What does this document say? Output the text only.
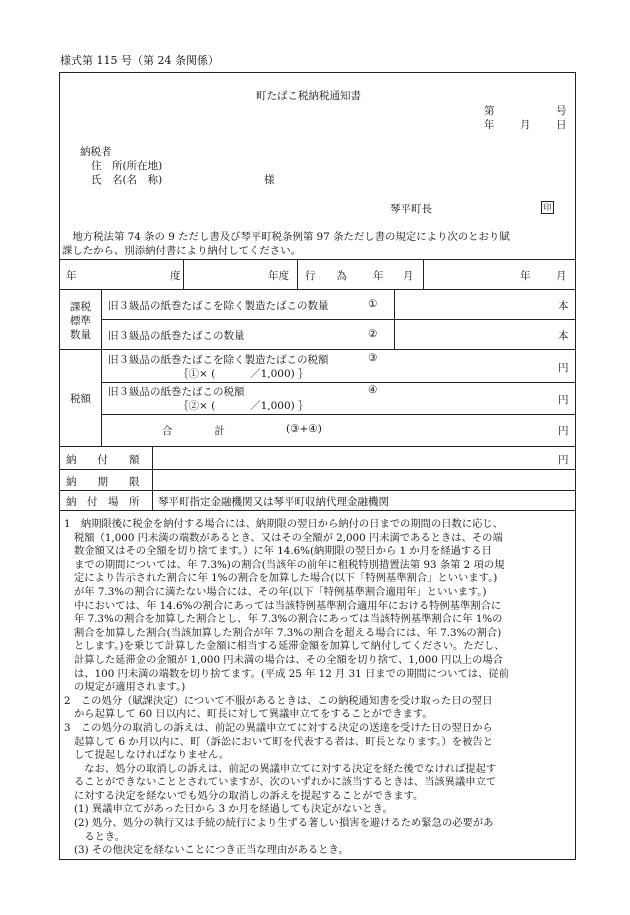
様式第 115 号（第 24 条関係）
町たばこ税納税通知書
第	号
年 月 日
納税者
住　所(所在地)
氏　名(名　称)	様
琴平町長	印
　地方税法第 74 条の 9 ただし書及び琴平町税条例第 97 条ただし書の規定により次のとおり賦
課したから、別添納付書により納付してください。
年	度	年度 行　　為 年 月	年 月
課税
標準
数量
旧３級品の紙巻たばこを除く製造たばこの数量	①	本
旧３級品の紙巻たばこの数量	②	本
税額
旧３級品の紙巻たばこを除く製造たばこの税額	③
｛①× (　　　 ／1,000) ｝	円
旧３級品の紙巻たばこの税額	④
｛②× (　　　 ／1,000) ｝	円
合　　　　計	(③+④)	円
納　　付　　額	円
納　　期　　限
納　付　場　所 琴平町指定金融機関又は琴平町収納代理金融機関

1　納期限後に税金を納付する場合には、納期限の翌日から納付の日までの期間の日数に応じ、

税額（1,000 円未満の端数があるとき、又はその全額が 2,000 円未満であるときは、その端

数金額又はその全額を切り捨てます。）に年 14.6%(納期限の翌日から 1 か月を経過する日

までの期間については、年 7.3%)の割合(当該年の前年に租税特別措置法第 93 条第 2 項の規

定により告示された割合に年 1%の割合を加算した場合(以下「特例基準割合」といいます。)

が年 7.3%の割合に満たない場合には、その年(以下「特例基準割合適用年」といいます。)

中においては、年 14.6%の割合にあっては当該特例基準割合適用年における特例基準割合に

年 7.3%の割合を加算した割合とし、年 7.3%の割合にあっては当該特例基準割合に年 1%の

割合を加算した割合(当該加算した割合が年 7.3%の割合を超える場合には、年 7.3%の割合)

とします。)を乗じて計算した金額に相当する延滞金額を加算して納付してください。ただし、

計算した延滞金の金額が 1,000 円未満の場合は、その全額を切り捨て、1,000 円以上の場合

は、100 円未満の端数を切り捨てます。(平成 25 年 12 月 31 日までの期間については、従前

の規定が適用されます。)

2　この処分（賦課決定）について不服があるときは、この納税通知書を受け取った日の翌日

から起算して 60 日以内に、町長に対して異議申立てをすることができます。

3　この処分の取消しの訴えは、前記の異議申立てに対する決定の送達を受けた日の翌日から

起算して 6 か月以内に、町（訴訟において町を代表する者は、町長となります。）を被告と

して提起しなければなりません。

　なお、処分の取消しの訴えは、前記の異議申立てに対する決定を経た後でなければ提起す

ることができないこととされていますが、次のいずれかに該当するときは、当該異議申立て

に対する決定を経ないでも処分の取消しの訴えを提起することができます。

(1) 異議申立てがあった日から 3 か月を経過しても決定がないとき。

(2) 処分、処分の執行又は手続の続行により生ずる著しい損害を避けるため緊急の必要があ

　るとき。

(3) その他決定を経ないことにつき正当な理由があるとき。
